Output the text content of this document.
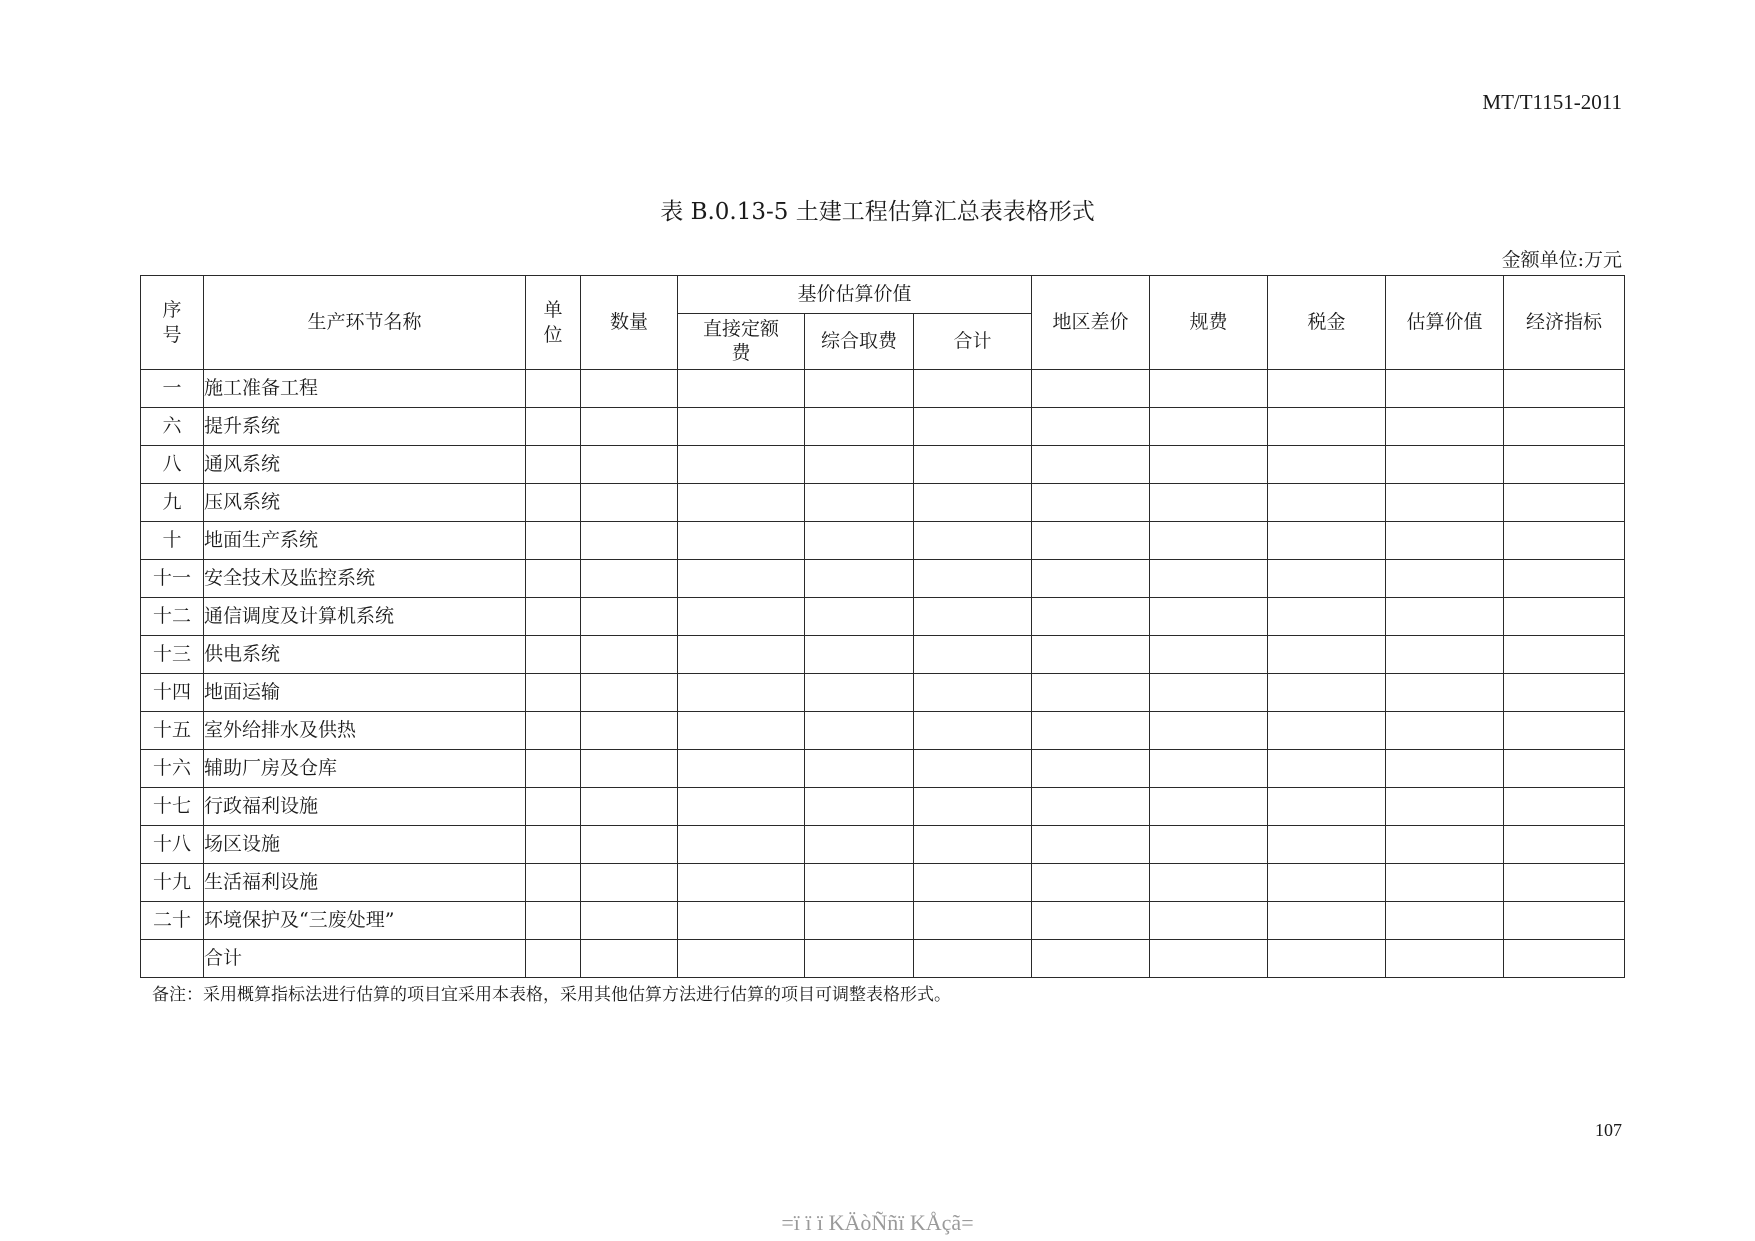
MT/T1151-2011
表 B.0.13-5 土建工程估算汇总表表格形式
金额单位:万元
序号	生产环节名称	单位	数量	基价估算价值			地区差价	规费	税金	估算价值	经济指标
				直接定额费	综合取费	合计					
一	施工准备工程										
六	提升系统										
八	通风系统										
九	压风系统										
十	地面生产系统										
十一	安全技术及监控系统										
十二	通信调度及计算机系统										
十三	供电系统										
十四	地面运输										
十五	室外给排水及供热										
十六	辅助厂房及仓库										
十七	行政福利设施										
十八	场区设施										
十九	生活福利设施										
二十	环境保护及“三废处理”										
	合计										
备注：采用概算指标法进行估算的项目宜采用本表格，采用其他估算方法进行估算的项目可调整表格形式。
107
=ï ï ï KÄòÑñï KÅçã=
